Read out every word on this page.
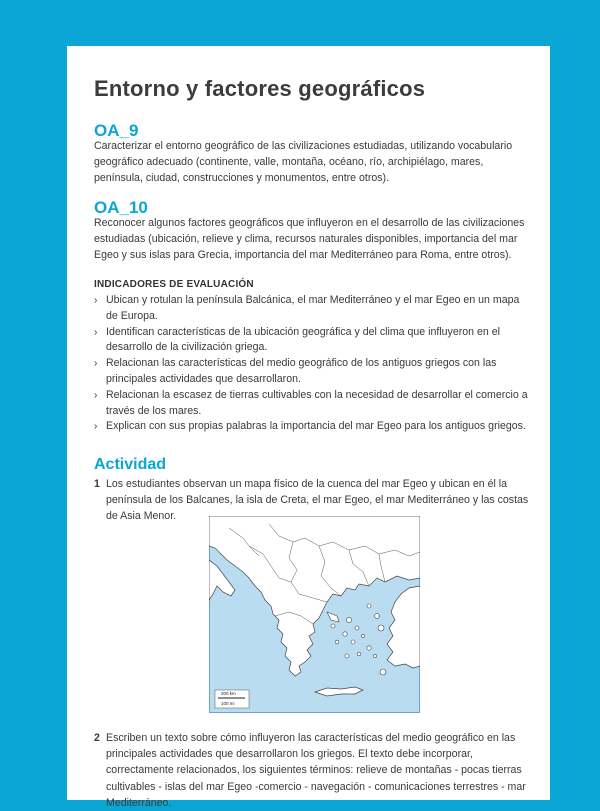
Entorno y factores geográficos
OA_9
Caracterizar el entorno geográfico de las civilizaciones estudiadas, utilizando vocabulario geográfico adecuado (continente, valle, montaña, océano, río, archipiélago, mares, península, ciudad, construcciones y monumentos, entre otros).
OA_10
Reconocer algunos factores geográficos que influyeron en el desarrollo de las civilizaciones estudiadas (ubicación, relieve y clima, recursos naturales disponibles, importancia del mar Egeo y sus islas para Grecia, importancia del mar Mediterráneo para Roma, entre otros).
INDICADORES DE EVALUACIÓN
› Ubican y rotulan la península Balcánica, el mar Mediterráneo y el mar Egeo en un mapa de Europa.
› Identifican características de la ubicación geográfica y del clima que influyeron en el desarrollo de la civilización griega.
› Relacionan las características del medio geográfico de los antiguos griegos con las principales actividades que desarrollaron.
› Relacionan la escasez de tierras cultivables con la necesidad de desarrollar el comercio a través de los mares.
› Explican con sus propias palabras la importancia del mar Egeo para los antiguos griegos.
Actividad
1 Los estudiantes observan un mapa físico de la cuenca del mar Egeo y ubican en él la península de los Balcanes, la isla de Creta, el mar Egeo, el mar Mediterráneo y las costas de Asia Menor.
2 Escriben un texto sobre cómo influyeron las características del medio geográfico en las principales actividades que desarrollaron los griegos. El texto debe incorporar, correctamente relacionados, los siguientes términos: relieve de montañas - pocas tierras cultivables - islas del mar Egeo -comercio - navegación - comunicaciones terrestres - mar Mediterráneo.
200 km
100 mi
